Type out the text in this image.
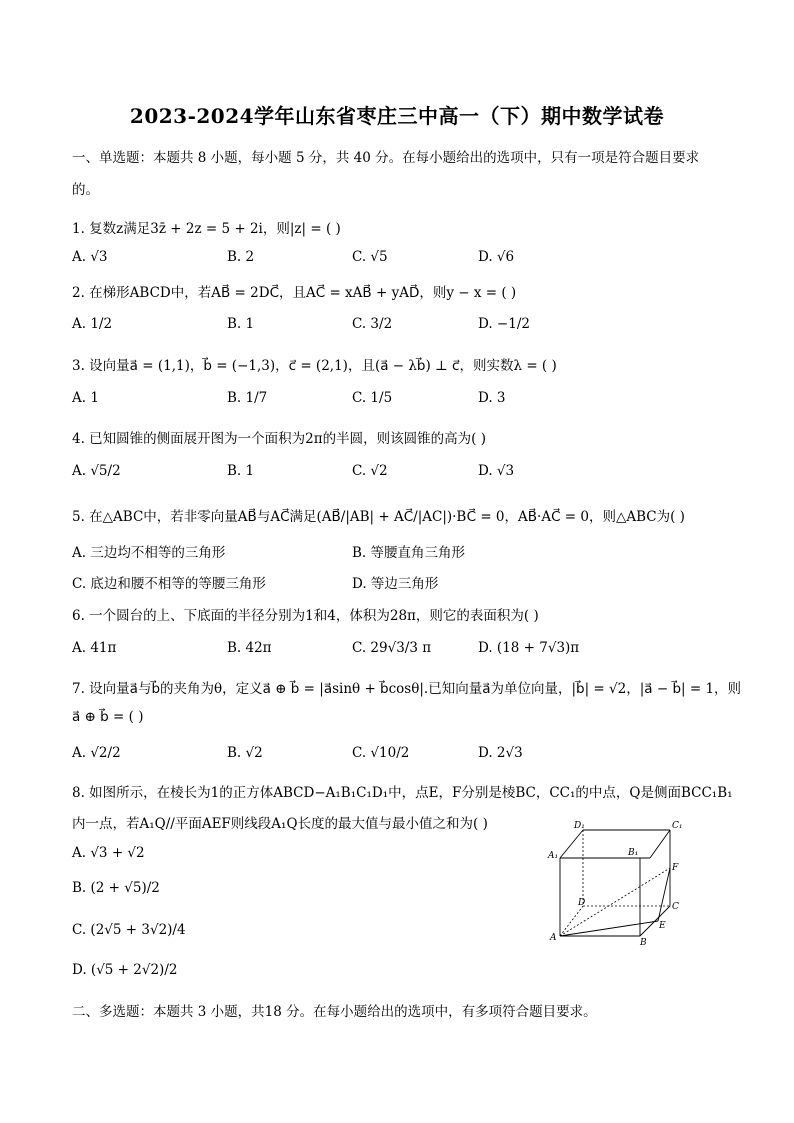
2023-2024学年山东省枣庄三中高一（下）期中数学试卷
一、单选题：本题共 8 小题，每小题 5 分，共 40 分。在每小题给出的选项中，只有一项是符合题目要求
的。
1. 复数z满足3z̄ + 2z = 5 + 2i，则|z| = ( )
A. √3	B. 2	C. √5	D. √6
2. 在梯形ABCD中，若AB⃗ = 2DC⃗，且AC⃗ = xAB⃗ + yAD⃗，则y − x = ( )
A. 1/2	B. 1	C. 3/2	D. −1/2
3. 设向量a⃗ = (1,1)，b⃗ = (−1,3)，c⃗ = (2,1)，且(a⃗ − λb⃗) ⊥ c⃗，则实数λ = ( )
A. 1	B. 1/7	C. 1/5	D. 3
4. 已知圆锥的侧面展开图为一个面积为2π的半圆，则该圆锥的高为( )
A. √5/2	B. 1	C. √2	D. √3
5. 在△ABC中，若非零向量AB⃗与AC⃗满足(AB⃗/|AB| + AC⃗/|AC|)·BC⃗ = 0，AB⃗·AC⃗ = 0，则△ABC为( )
A. 三边均不相等的三角形	B. 等腰直角三角形
C. 底边和腰不相等的等腰三角形	D. 等边三角形
6. 一个圆台的上、下底面的半径分别为1和4，体积为28π，则它的表面积为( )
A. 41π	B. 42π	C. 29√3/3 π	D. (18 + 7√3)π
7. 设向量a⃗与b⃗的夹角为θ，定义a⃗ ⊕ b⃗ = |a⃗sinθ + b⃗cosθ|.已知向量a⃗为单位向量，|b⃗| = √2，|a⃗ − b⃗| = 1，则
a⃗ ⊕ b⃗ = ( )
A. √2/2	B. √2	C. √10/2	D. 2√3
8. 如图所示，在棱长为1的正方体ABCD−A₁B₁C₁D₁中，点E，F分别是棱BC，CC₁的中点，Q是侧面BCC₁B₁
内一点，若A₁Q//平面AEF则线段A₁Q长度的最大值与最小值之和为( )
A. √3 + √2
B. (2 + √5)/2
C. (2√5 + 3√2)/4
D. (√5 + 2√2)/2
D₁	C₁
A₁	B₁
F
D	C
E
A	B
二、多选题：本题共 3 小题，共18 分。在每小题给出的选项中，有多项符合题目要求。
